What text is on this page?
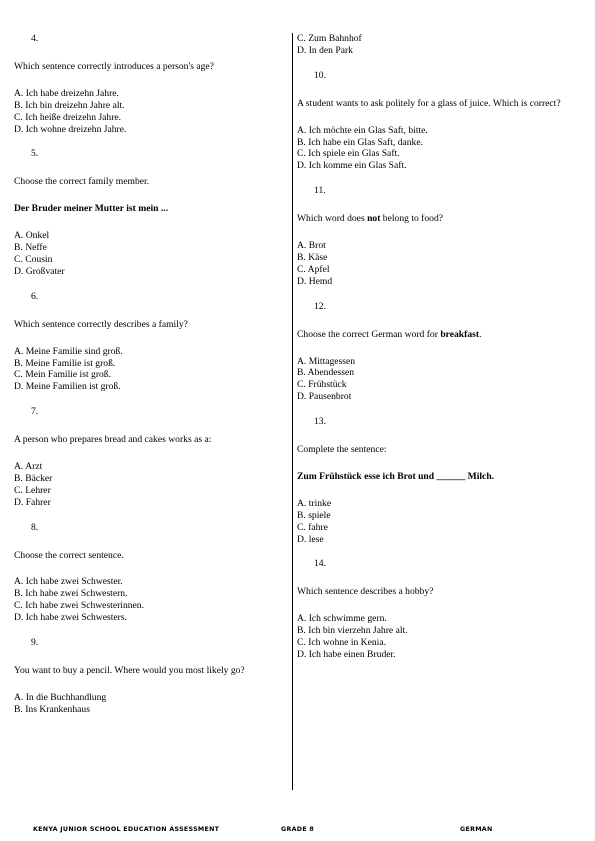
4.

Which sentence correctly introduces a person's age?

A. Ich habe dreizehn Jahre.

B. Ich bin dreizehn Jahre alt.

C. Ich heiße dreizehn Jahre.

D. Ich wohne dreizehn Jahre.

5.

Choose the correct family member.

Der Bruder meiner Mutter ist mein ...

A. Onkel

B. Neffe

C. Cousin

D. Großvater

6.

Which sentence correctly describes a family?

A. Meine Familie sind groß.

B. Meine Familie ist groß.

C. Mein Familie ist groß.

D. Meine Familien ist groß.

7.

A person who prepares bread and cakes works as a:

A. Arzt

B. Bäcker

C. Lehrer

D. Fahrer

8.

Choose the correct sentence.

A. Ich habe zwei Schwester.

B. Ich habe zwei Schwestern.

C. Ich habe zwei Schwesterinnen.

D. Ich habe zwei Schwesters.

9.

You want to buy a pencil. Where would you most likely go?

A. In die Buchhandlung

B. Ins Krankenhaus

C. Zum Bahnhof

D. In den Park

10.

A student wants to ask politely for a glass of juice. Which is correct?

A. Ich möchte ein Glas Saft, bitte.

B. Ich habe ein Glas Saft, danke.

C. Ich spiele ein Glas Saft.

D. Ich komme ein Glas Saft.

11.

Which word does not belong to food?

A. Brot

B. Käse

C. Apfel

D. Hemd

12.

Choose the correct German word for breakfast.

A. Mittagessen

B. Abendessen

C. Frühstück

D. Pausenbrot

13.

Complete the sentence:

Zum Frühstück esse ich Brot und ______ Milch.

A. trinke

B. spiele

C. fahre

D. lese

14.

Which sentence describes a hobby?

A. Ich schwimme gern.

B. Ich bin vierzehn Jahre alt.

C. Ich wohne in Kenia.

D. Ich habe einen Bruder.

KENYA JUNIOR SCHOOL EDUCATION ASSESSMENT	GRADE 8	GERMAN
